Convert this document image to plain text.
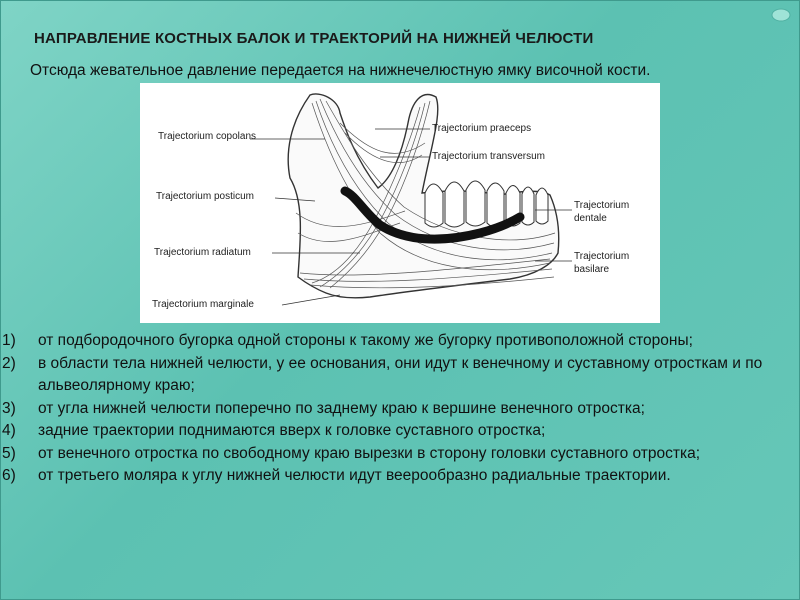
НАПРАВЛЕНИЕ КОСТНЫХ БАЛОК И ТРАЕКТОРИЙ НА НИЖНЕЙ ЧЕЛЮСТИ
Отсюда жевательное давление передается на нижнечелюстную ямку височной кости.
Trajectorium copolans
Trajectorium praeceps
Trajectorium transversum
Trajectorium posticum
Trajectorium
dentale
Trajectorium radiatum	Trajectorium
basilare
Trajectorium marginale
1) от подбородочного бугорка одной стороны к такому же бугорку противоположной стороны;
2) в области тела нижней челюсти, у ее основания, они идут к венечному и суставному отросткам и по альвеолярному краю;
3) от угла нижней челюсти поперечно по заднему краю к вершине венечного отростка;
4) задние траектории поднимаются вверх к головке суставного отростка;
5) от венечного отростка по свободному краю вырезки в сторону головки суставного отростка;
6) от третьего моляра к углу нижней челюсти идут веерообразно радиальные траектории.
